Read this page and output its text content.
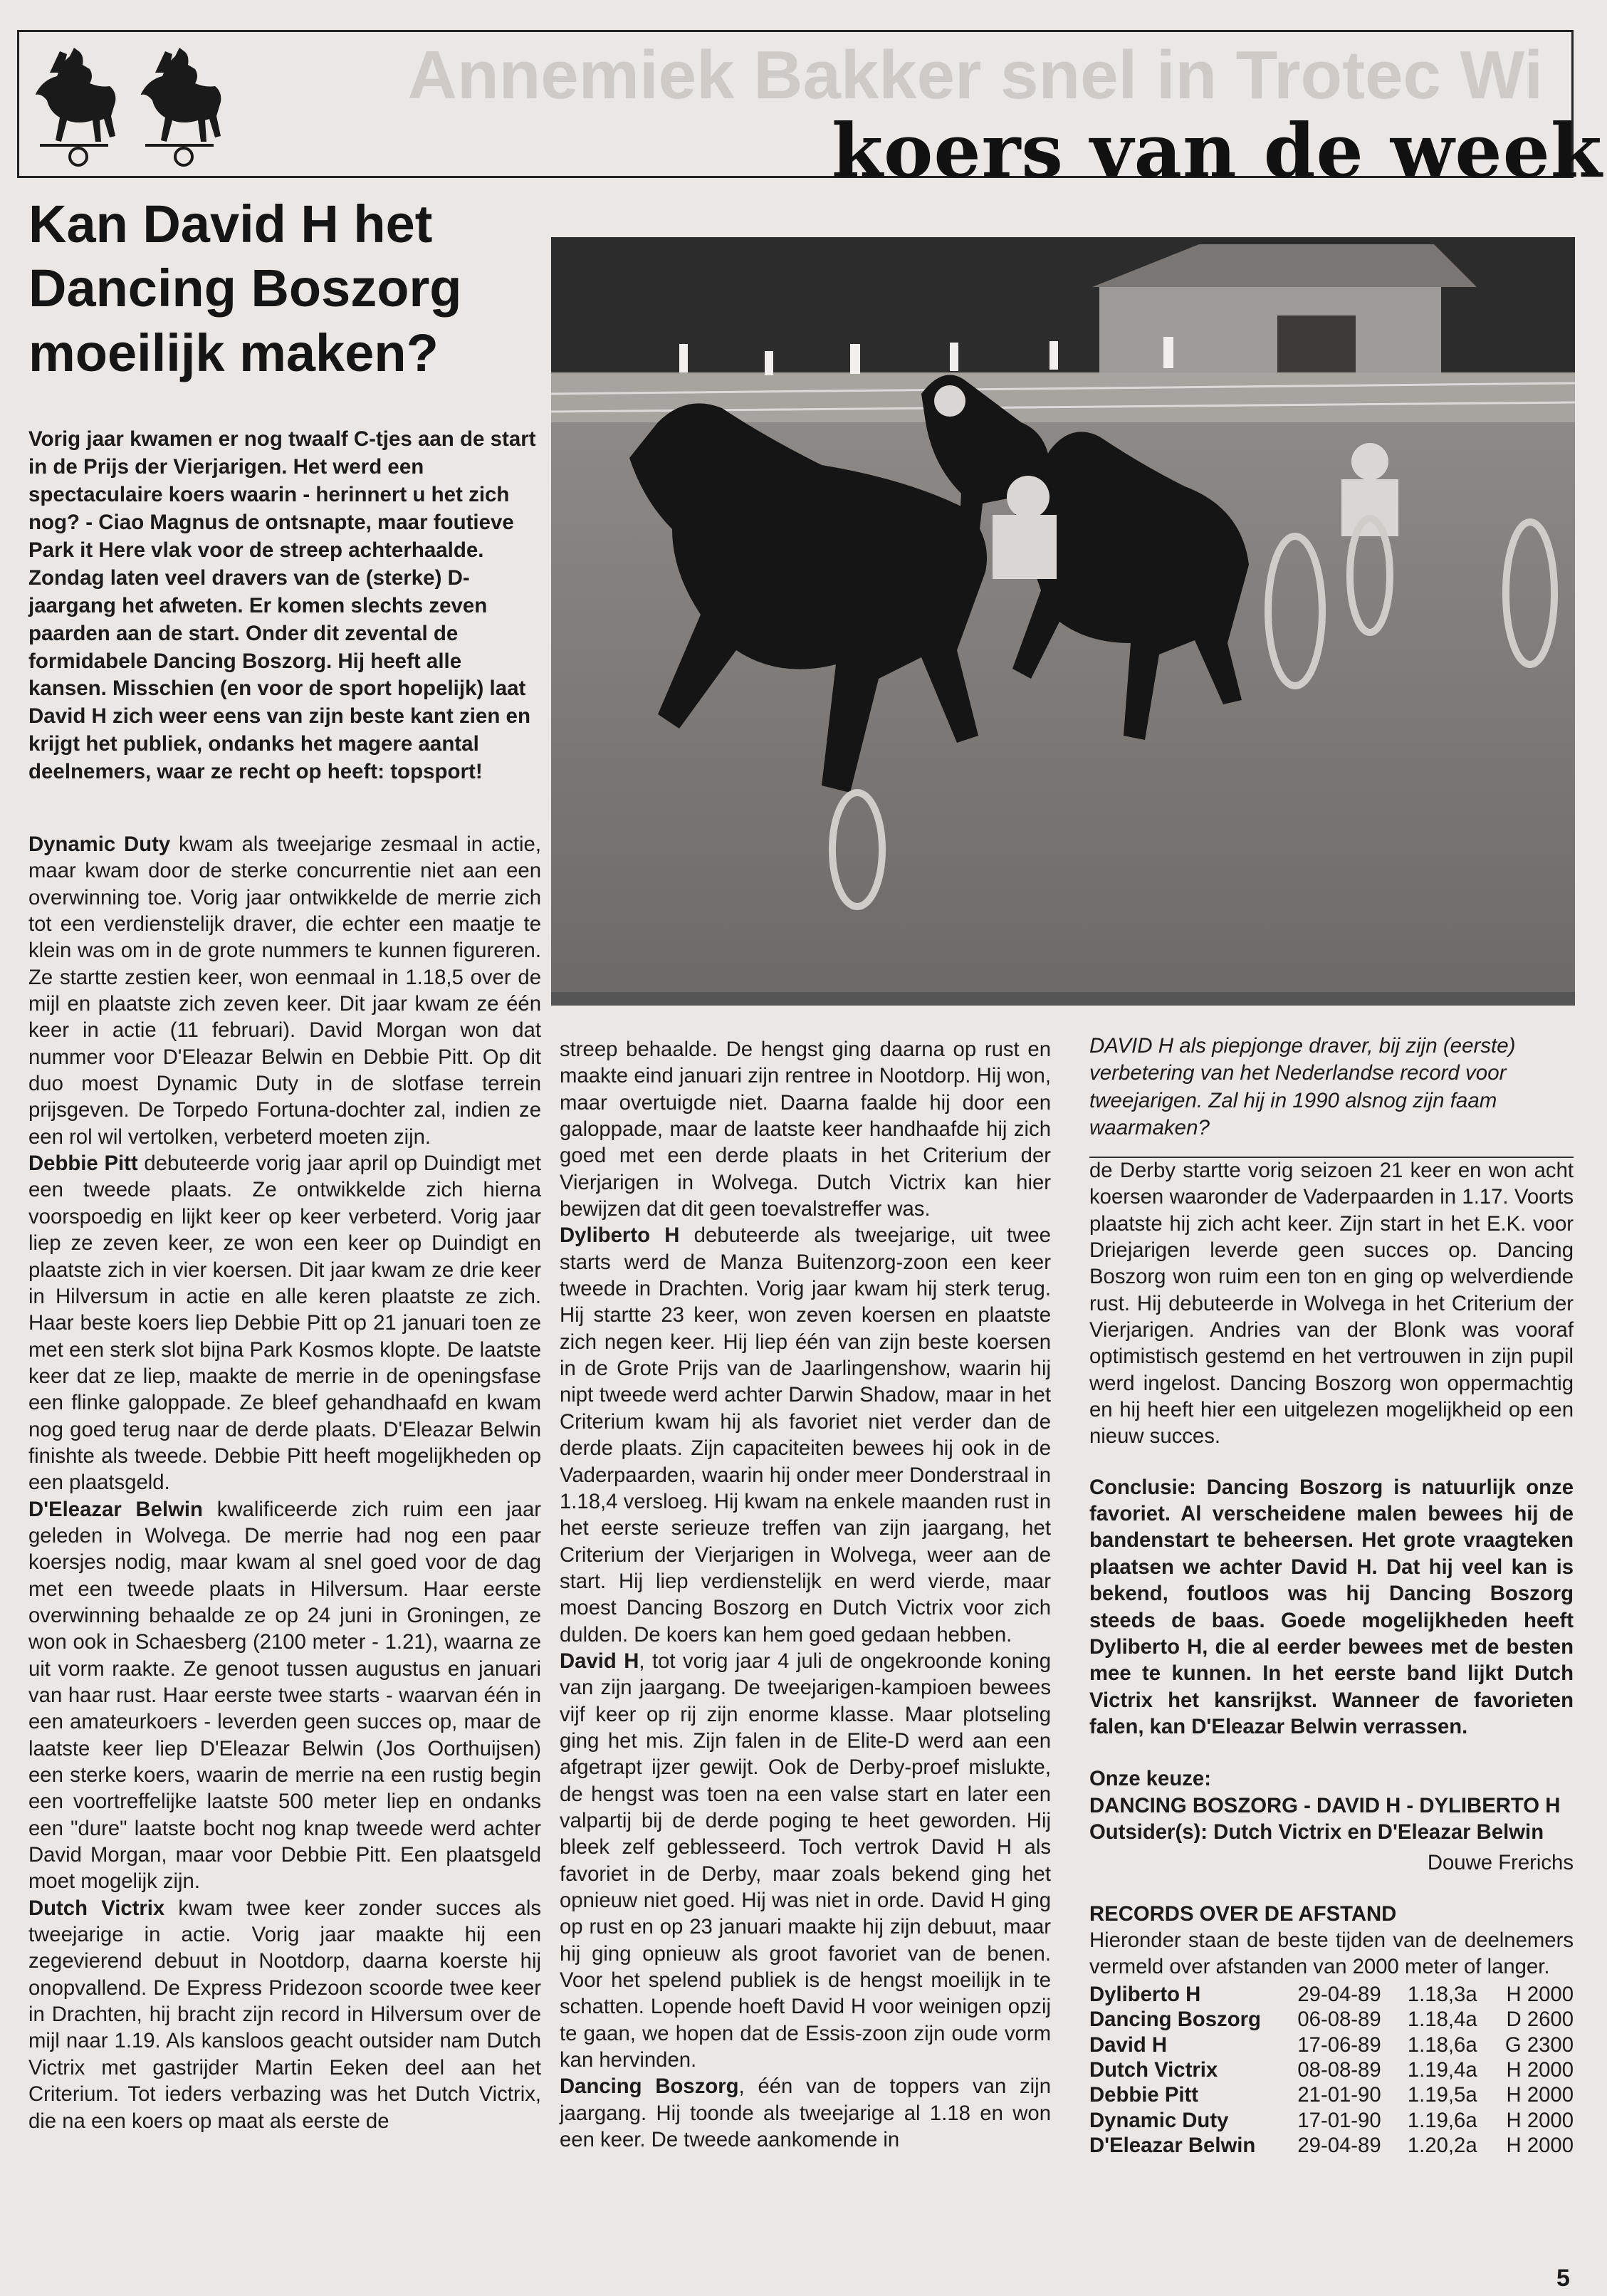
Annemiek Bakker snel in Trotec Wi
koers van de week
Kan David H het Dancing Boszorg moeilijk maken?
Vorig jaar kwamen er nog twaalf C-tjes aan de start in de Prijs der Vierjarigen. Het werd een spectaculaire koers waarin - herinnert u het zich nog? - Ciao Magnus de ontsnapte, maar foutieve Park it Here vlak voor de streep achterhaalde. Zondag laten veel dravers van de (sterke) D-jaargang het afweten. Er komen slechts zeven paarden aan de start. Onder dit zevental de formidabele Dancing Boszorg. Hij heeft alle kansen. Misschien (en voor de sport hopelijk) laat David H zich weer eens van zijn beste kant zien en krijgt het publiek, ondanks het magere aantal deelnemers, waar ze recht op heeft: topsport!

Dynamic Duty kwam als tweejarige zesmaal in actie, maar kwam door de sterke concurrentie niet aan een overwinning toe. Vorig jaar ontwikkelde de merrie zich tot een verdienstelijk draver, die echter een maatje te klein was om in de grote nummers te kunnen figureren. Ze startte zestien keer, won eenmaal in 1.18,5 over de mijl en plaatste zich zeven keer. Dit jaar kwam ze één keer in actie (11 februari). David Morgan won dat nummer voor D'Eleazar Belwin en Debbie Pitt. Op dit duo moest Dynamic Duty in de slotfase terrein prijsgeven. De Torpedo Fortuna-dochter zal, indien ze een rol wil vertolken, verbeterd moeten zijn.

Debbie Pitt debuteerde vorig jaar april op Duindigt met een tweede plaats. Ze ontwikkelde zich hierna voorspoedig en lijkt keer op keer verbeterd. Vorig jaar liep ze zeven keer, ze won een keer op Duindigt en plaatste zich in vier koersen. Dit jaar kwam ze drie keer in Hilversum in actie en alle keren plaatste ze zich. Haar beste koers liep Debbie Pitt op 21 januari toen ze met een sterk slot bijna Park Kosmos klopte. De laatste keer dat ze liep, maakte de merrie in de openingsfase een flinke galoppade. Ze bleef gehandhaafd en kwam nog goed terug naar de derde plaats. D'Eleazar Belwin finishte als tweede. Debbie Pitt heeft mogelijkheden op een plaatsgeld.

D'Eleazar Belwin kwalificeerde zich ruim een jaar geleden in Wolvega. De merrie had nog een paar koersjes nodig, maar kwam al snel goed voor de dag met een tweede plaats in Hilversum. Haar eerste overwinning behaalde ze op 24 juni in Groningen, ze won ook in Schaesberg (2100 meter - 1.21), waarna ze uit vorm raakte. Ze genoot tussen augustus en januari van haar rust. Haar eerste twee starts - waarvan één in een amateurkoers - leverden geen succes op, maar de laatste keer liep D'Eleazar Belwin (Jos Oorthuijsen) een sterke koers, waarin de merrie na een rustig begin een voortreffelijke laatste 500 meter liep en ondanks een "dure" laatste bocht nog knap tweede werd achter David Morgan, maar voor Debbie Pitt. Een plaatsgeld moet mogelijk zijn.

Dutch Victrix kwam twee keer zonder succes als tweejarige in actie. Vorig jaar maakte hij een zegevierend debuut in Nootdorp, daarna koerste hij onopvallend. De Express Pridezoon scoorde twee keer in Drachten, hij bracht zijn record in Hilversum over de mijl naar 1.19. Als kansloos geacht outsider nam Dutch Victrix met gastrijder Martin Eeken deel aan het Criterium. Tot ieders verbazing was het Dutch Victrix, die na een koers op maat als eerste de

streep behaalde. De hengst ging daarna op rust en maakte eind januari zijn rentree in Nootdorp. Hij won, maar overtuigde niet. Daarna faalde hij door een galoppade, maar de laatste keer handhaafde hij zich goed met een derde plaats in het Criterium der Vierjarigen in Wolvega. Dutch Victrix kan hier bewijzen dat dit geen toevalstreffer was.

Dyliberto H debuteerde als tweejarige, uit twee starts werd de Manza Buitenzorg-zoon een keer tweede in Drachten. Vorig jaar kwam hij sterk terug. Hij startte 23 keer, won zeven koersen en plaatste zich negen keer. Hij liep één van zijn beste koersen in de Grote Prijs van de Jaarlingenshow, waarin hij nipt tweede werd achter Darwin Shadow, maar in het Criterium kwam hij als favoriet niet verder dan de derde plaats. Zijn capaciteiten bewees hij ook in de Vaderpaarden, waarin hij onder meer Donderstraal in 1.18,4 versloeg. Hij kwam na enkele maanden rust in het eerste serieuze treffen van zijn jaargang, het Criterium der Vierjarigen in Wolvega, weer aan de start. Hij liep verdienstelijk en werd vierde, maar moest Dancing Boszorg en Dutch Victrix voor zich dulden. De koers kan hem goed gedaan hebben.

David H, tot vorig jaar 4 juli de ongekroonde koning van zijn jaargang. De tweejarigen-kampioen bewees vijf keer op rij zijn enorme klasse. Maar plotseling ging het mis. Zijn falen in de Elite-D werd aan een afgetrapt ijzer gewijt. Ook de Derby-proef mislukte, de hengst was toen na een valse start en later een valpartij bij de derde poging te heet geworden. Hij bleek zelf geblesseerd. Toch vertrok David H als favoriet in de Derby, maar zoals bekend ging het opnieuw niet goed. Hij was niet in orde. David H ging op rust en op 23 januari maakte hij zijn debuut, maar hij ging opnieuw als groot favoriet van de benen. Voor het spelend publiek is de hengst moeilijk in te schatten. Lopende hoeft David H voor weinigen opzij te gaan, we hopen dat de Essis-zoon zijn oude vorm kan hervinden.

Dancing Boszorg, één van de toppers van zijn jaargang. Hij toonde als tweejarige al 1.18 en won een keer. De tweede aankomende in

DAVID H als piepjonge draver, bij zijn (eerste) verbetering van het Nederlandse record voor tweejarigen. Zal hij in 1990 alsnog zijn faam waarmaken?

de Derby startte vorig seizoen 21 keer en won acht koersen waaronder de Vaderpaarden in 1.17. Voorts plaatste hij zich acht keer. Zijn start in het E.K. voor Driejarigen leverde geen succes op. Dancing Boszorg won ruim een ton en ging op welverdiende rust. Hij debuteerde in Wolvega in het Criterium der Vierjarigen. Andries van der Blonk was vooraf optimistisch gestemd en het vertrouwen in zijn pupil werd ingelost. Dancing Boszorg won oppermachtig en hij heeft hier een uitgelezen mogelijkheid op een nieuw succes.

Conclusie: Dancing Boszorg is natuurlijk onze favoriet. Al verscheidene malen bewees hij de bandenstart te beheersen. Het grote vraagteken plaatsen we achter David H. Dat hij veel kan is bekend, foutloos was hij Dancing Boszorg steeds de baas. Goede mogelijkheden heeft Dyliberto H, die al eerder bewees met de besten mee te kunnen. In het eerste band lijkt Dutch Victrix het kansrijkst. Wanneer de favorieten falen, kan D'Eleazar Belwin verrassen.

Onze keuze:

DANCING BOSZORG - DAVID H - DYLIBERTO H

Outsider(s): Dutch Victrix en D'Eleazar Belwin

Douwe Frerichs

RECORDS OVER DE AFSTAND

Hieronder staan de beste tijden van de deelnemers vermeld over afstanden van 2000 meter of langer.

Dyliberto H	29-04-89	1.18,3a	H 2000
Dancing Boszorg	06-08-89	1.18,4a	D 2600
David H	17-06-89	1.18,6a	G 2300
Dutch Victrix	08-08-89	1.19,4a	H 2000
Debbie Pitt	21-01-90	1.19,5a	H 2000
Dynamic Duty	17-01-90	1.19,6a	H 2000
D'Eleazar Belwin	29-04-89	1.20,2a	H 2000
5
